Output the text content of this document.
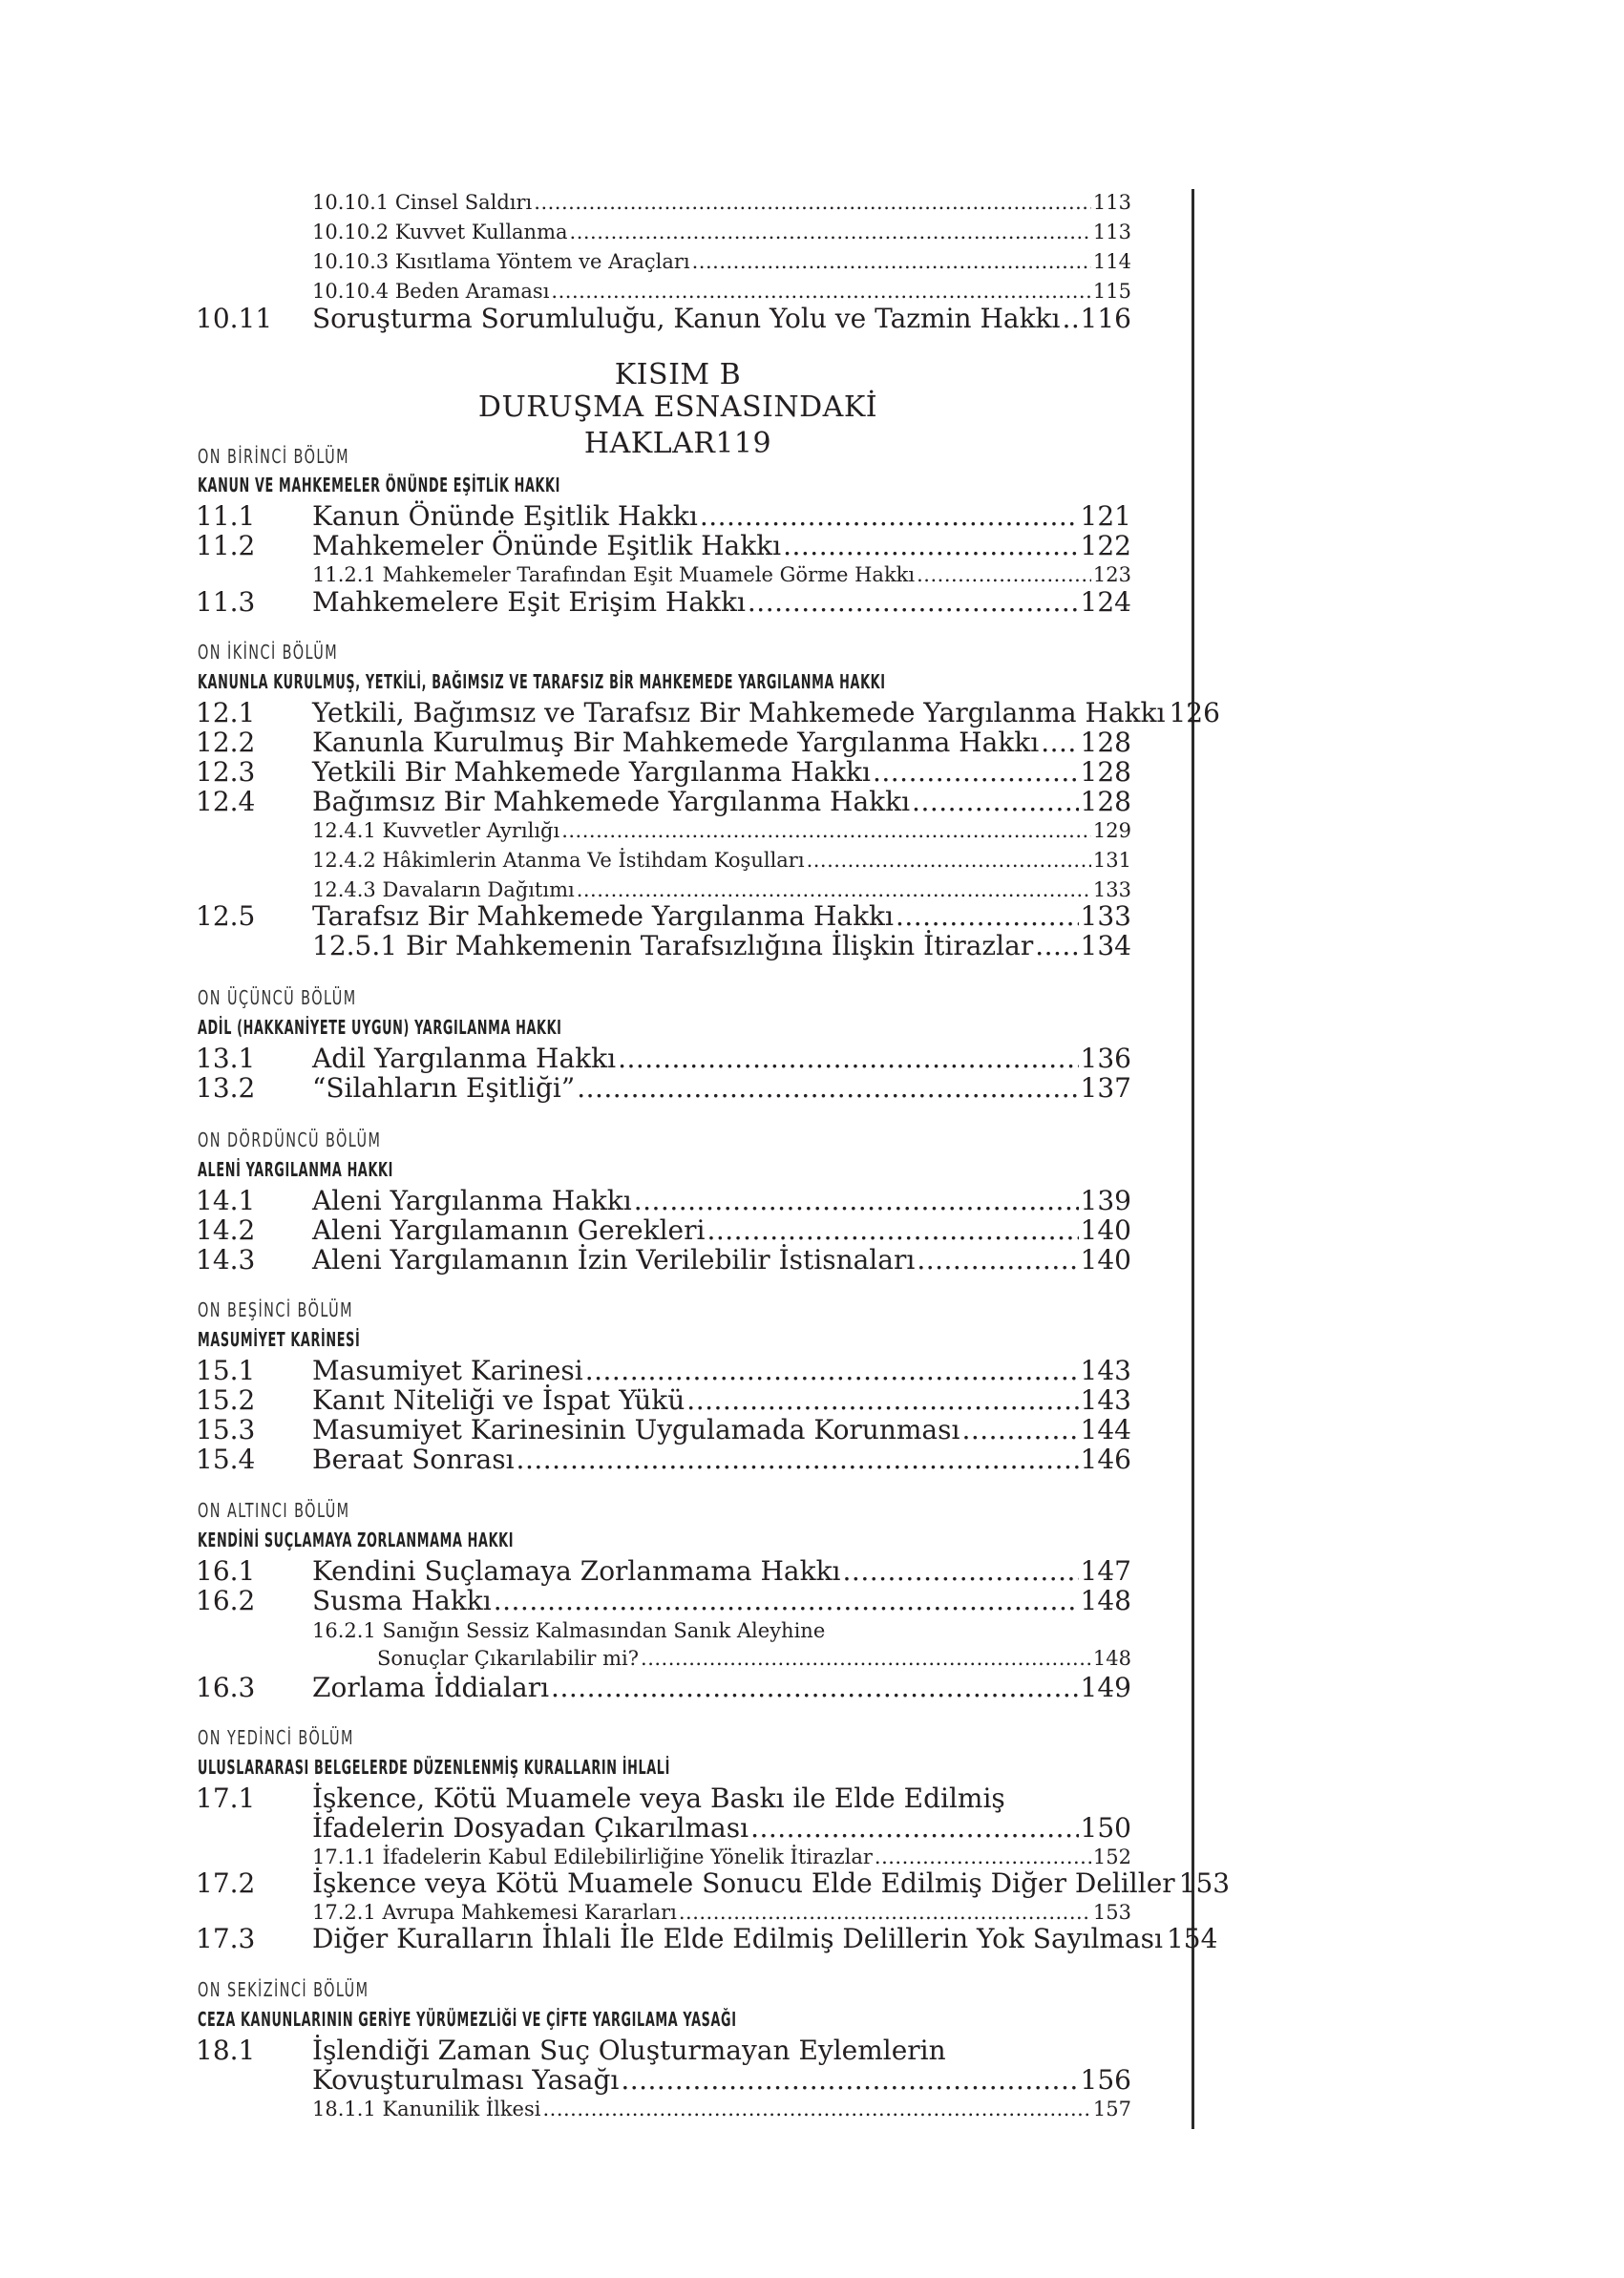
10.10.1 Cinsel Saldırı .....	113
10.10.2 Kuvvet Kullanma .....	113
10.10.3 Kısıtlama Yöntem ve Araçları .....	114
10.10.4 Beden Araması .....	115
10.11	Soruşturma Sorumluluğu, Kanun Yolu ve Tazmin Hakkı ..... 116
KISIM B
DURUŞMA ESNASINDAKİ HAKLAR119
ON BİRİNCİ BÖLÜM
KANUN VE MAHKEMELER ÖNÜNDE EŞİTLİK HAKKI
11.1	Kanun Önünde Eşitlik Hakkı .....	121
11.2	Mahkemeler Önünde Eşitlik Hakkı .....	122
11.2.1 Mahkemeler Tarafından Eşit Muamele Görme Hakkı .....	123
11.3	Mahkemelere Eşit Erişim Hakkı .....	124
ON İKİNCİ BÖLÜM
KANUNLA KURULMUŞ, YETKİLİ, BAĞIMSIZ VE TARAFSIZ BİR MAHKEMEDE YARGILANMA HAKKI
12.1	Yetkili, Bağımsız ve Tarafsız Bir Mahkemede Yargılanma Hakkı 126
12.2	Kanunla Kurulmuş Bir Mahkemede Yargılanma Hakkı ..... 128
12.3	Yetkili Bir Mahkemede Yargılanma Hakkı .....	128
12.4	Bağımsız Bir Mahkemede Yargılanma Hakkı .....	128
12.4.1 Kuvvetler Ayrılığı .....	129
12.4.2 Hâkimlerin Atanma Ve İstihdam Koşulları .....	131
12.4.3 Davaların Dağıtımı .....	133
12.5	Tarafsız Bir Mahkemede Yargılanma Hakkı .....	133
12.5.1 Bir Mahkemenin Tarafsızlığına İlişkin İtirazlar ..... 134
ON ÜÇÜNCÜ BÖLÜM
ADİL (HAKKANİYETE UYGUN) YARGILANMA HAKKI
13.1	Adil Yargılanma Hakkı .....	136
13.2	“Silahların Eşitliği” .....	137
ON DÖRDÜNCÜ BÖLÜM
ALENİ YARGILANMA HAKKI
14.1	Aleni Yargılanma Hakkı .....	139
14.2	Aleni Yargılamanın Gerekleri .....	140
14.3	Aleni Yargılamanın İzin Verilebilir İstisnaları .....	140
ON BEŞİNCİ BÖLÜM
MASUMİYET KARİNESİ
15.1	Masumiyet Karinesi .....	143
15.2	Kanıt Niteliği ve İspat Yükü .....	143
15.3	Masumiyet Karinesinin Uygulamada Korunması .....	144
15.4	Beraat Sonrası .....	146
ON ALTINCI BÖLÜM
KENDİNİ SUÇLAMAYA ZORLANMAMA HAKKI
16.1	Kendini Suçlamaya Zorlanmama Hakkı .....	147
16.2	Susma Hakkı .....	148
16.2.1 Sanığın Sessiz Kalmasından Sanık Aleyhine
Sonuçlar Çıkarılabilir mi? .....	148
16.3	Zorlama İddiaları .....	149
ON YEDİNCİ BÖLÜM
ULUSLARARASI BELGELERDE DÜZENLENMİŞ KURALLARIN İHLALİ
17.1	İşkence, Kötü Muamele veya Baskı ile Elde Edilmiş
İfadelerin Dosyadan Çıkarılması .....	150
17.1.1 İfadelerin Kabul Edilebilirliğine Yönelik İtirazlar .....	152
17.2	İşkence veya Kötü Muamele Sonucu Elde Edilmiş Diğer Deliller 153
17.2.1 Avrupa Mahkemesi Kararları .....	153
17.3	Diğer Kuralların İhlali İle Elde Edilmiş Delillerin Yok Sayılması 154
ON SEKİZİNCİ BÖLÜM
CEZA KANUNLARININ GERİYE YÜRÜMEZLİĞİ VE ÇİFTE YARGILAMA YASAĞI
18.1	İşlendiği Zaman Suç Oluşturmayan Eylemlerin
Kovuşturulması Yasağı .....	156
18.1.1 Kanunilik İlkesi .....	157
